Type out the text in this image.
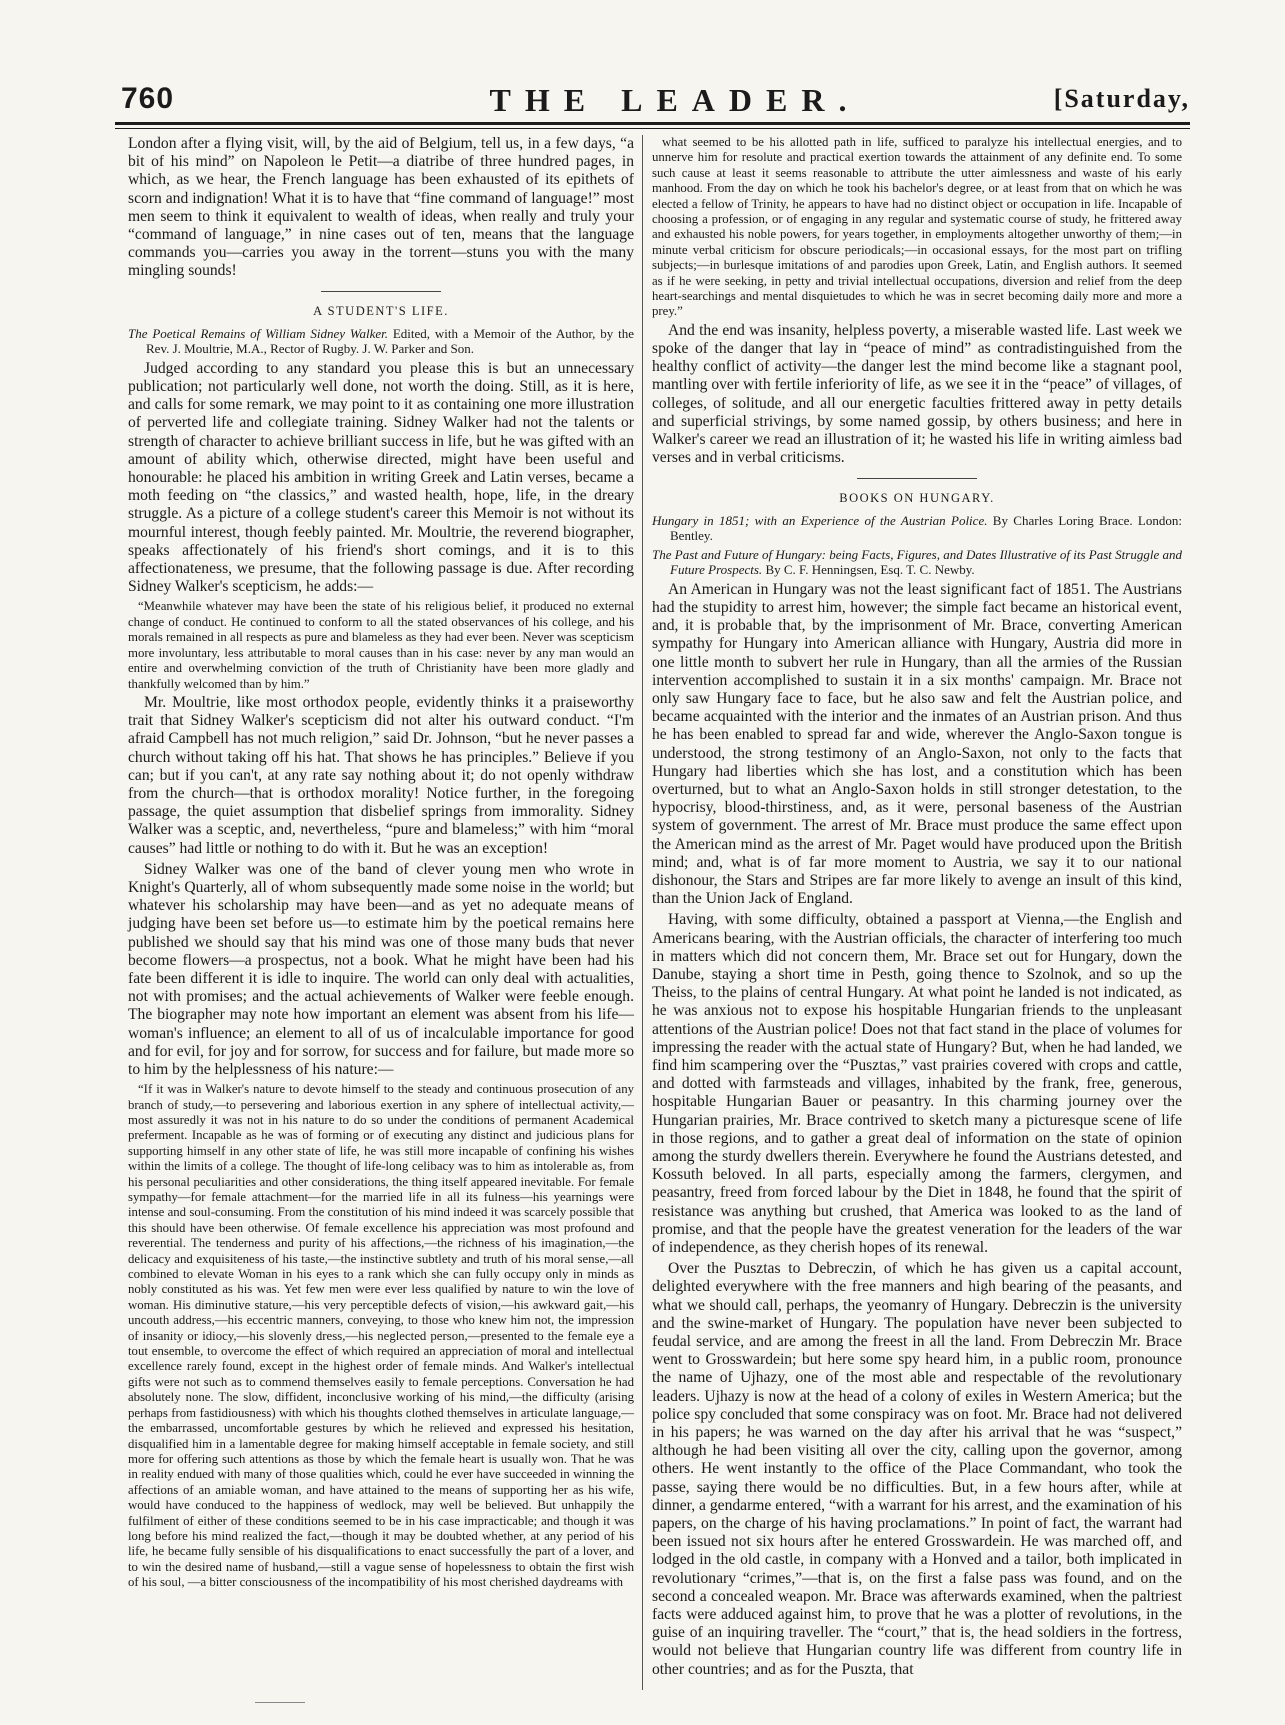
760	THE LEADER.	[Saturday,

London after a flying visit, will, by the aid of Belgium, tell us, in a few days, “a bit of his mind” on Napoleon le Petit—a diatribe of three hundred pages, in which, as we hear, the French language has been exhausted of its epithets of scorn and indignation! What it is to have that “fine command of language!” most men seem to think it equivalent to wealth of ideas, when really and truly your “command of language,” in nine cases out of ten, means that the language commands you—carries you away in the torrent—stuns you with the many mingling sounds!

A STUDENT'S LIFE.
The Poetical Remains of William Sidney Walker. Edited, with a Memoir of the Author, by the Rev. J. Moultrie, M.A., Rector of Rugby. J. W. Parker and Son.

Judged according to any standard you please this is but an unnecessary publication; not particularly well done, not worth the doing. Still, as it is here, and calls for some remark, we may point to it as containing one more illustration of perverted life and collegiate training. Sidney Walker had not the talents or strength of character to achieve brilliant success in life, but he was gifted with an amount of ability which, otherwise directed, might have been useful and honourable: he placed his ambition in writing Greek and Latin verses, became a moth feeding on “the classics,” and wasted health, hope, life, in the dreary struggle. As a picture of a college student's career this Memoir is not without its mournful interest, though feebly painted. Mr. Moultrie, the reverend biographer, speaks affectionately of his friend's short comings, and it is to this affectionateness, we presume, that the following passage is due. After recording Sidney Walker's scepticism, he adds:—

“Meanwhile whatever may have been the state of his religious belief, it produced no external change of conduct. He continued to conform to all the stated observances of his college, and his morals remained in all respects as pure and blameless as they had ever been. Never was scepticism more involuntary, less attributable to moral causes than in his case: never by any man would an entire and overwhelming conviction of the truth of Christianity have been more gladly and thankfully welcomed than by him.”

Mr. Moultrie, like most orthodox people, evidently thinks it a praiseworthy trait that Sidney Walker's scepticism did not alter his outward conduct. “I'm afraid Campbell has not much religion,” said Dr. Johnson, “but he never passes a church without taking off his hat. That shows he has principles.” Believe if you can; but if you can't, at any rate say nothing about it; do not openly withdraw from the church—that is orthodox morality! Notice further, in the foregoing passage, the quiet assumption that disbelief springs from immorality. Sidney Walker was a sceptic, and, nevertheless, “pure and blameless;” with him “moral causes” had little or nothing to do with it. But he was an exception!

Sidney Walker was one of the band of clever young men who wrote in Knight's Quarterly, all of whom subsequently made some noise in the world; but whatever his scholarship may have been—and as yet no adequate means of judging have been set before us—to estimate him by the poetical remains here published we should say that his mind was one of those many buds that never become flowers—a prospectus, not a book. What he might have been had his fate been different it is idle to inquire. The world can only deal with actualities, not with promises; and the actual achievements of Walker were feeble enough. The biographer may note how important an element was absent from his life—woman's influence; an element to all of us of incalculable importance for good and for evil, for joy and for sorrow, for success and for failure, but made more so to him by the helplessness of his nature:—

“If it was in Walker's nature to devote himself to the steady and continuous prosecution of any branch of study,—to persevering and laborious exertion in any sphere of intellectual activity,—most assuredly it was not in his nature to do so under the conditions of permanent Academical preferment. Incapable as he was of forming or of executing any distinct and judicious plans for supporting himself in any other state of life, he was still more incapable of confining his wishes within the limits of a college. The thought of life-long celibacy was to him as intolerable as, from his personal peculiarities and other considerations, the thing itself appeared inevitable. For female sympathy—for female attachment—for the married life in all its fulness—his yearnings were intense and soul-consuming. From the constitution of his mind indeed it was scarcely possible that this should have been otherwise. Of female excellence his appreciation was most profound and reverential. The tenderness and purity of his affections,—the richness of his imagination,—the delicacy and exquisiteness of his taste,—the instinctive subtlety and truth of his moral sense,—all combined to elevate Woman in his eyes to a rank which she can fully occupy only in minds as nobly constituted as his was. Yet few men were ever less qualified by nature to win the love of woman. His diminutive stature,—his very perceptible defects of vision,—his awkward gait,—his uncouth address,—his eccentric manners, conveying, to those who knew him not, the impression of insanity or idiocy,—his slovenly dress,—his neglected person,—presented to the female eye a tout ensemble, to overcome the effect of which required an appreciation of moral and intellectual excellence rarely found, except in the highest order of female minds. And Walker's intellectual gifts were not such as to commend themselves easily to female perceptions. Conversation he had absolutely none. The slow, diffident, inconclusive working of his mind,—the difficulty (arising perhaps from fastidiousness) with which his thoughts clothed themselves in articulate language,—the embarrassed, uncomfortable gestures by which he relieved and expressed his hesitation, disqualified him in a lamentable degree for making himself acceptable in female society, and still more for offering such attentions as those by which the female heart is usually won. That he was in reality endued with many of those qualities which, could he ever have succeeded in winning the affections of an amiable woman, and have attained to the means of supporting her as his wife, would have conduced to the happiness of wedlock, may well be believed. But unhappily the fulfilment of either of these conditions seemed to be in his case impracticable; and though it was long before his mind realized the fact,—though it may be doubted whether, at any period of his life, he became fully sensible of his disqualifications to enact successfully the part of a lover, and to win the desired name of husband,—still a vague sense of hopelessness to obtain the first wish of his soul, —a bitter consciousness of the incompatibility of his most cherished daydreams with

what seemed to be his allotted path in life, sufficed to paralyze his intellectual energies, and to unnerve him for resolute and practical exertion towards the attainment of any definite end. To some such cause at least it seems reasonable to attribute the utter aimlessness and waste of his early manhood. From the day on which he took his bachelor's degree, or at least from that on which he was elected a fellow of Trinity, he appears to have had no distinct object or occupation in life. Incapable of choosing a profession, or of engaging in any regular and systematic course of study, he frittered away and exhausted his noble powers, for years together, in employments altogether unworthy of them;—in minute verbal criticism for obscure periodicals;—in occasional essays, for the most part on trifling subjects;—in burlesque imitations of and parodies upon Greek, Latin, and English authors. It seemed as if he were seeking, in petty and trivial intellectual occupations, diversion and relief from the deep heart-searchings and mental disquietudes to which he was in secret becoming daily more and more a prey.”

And the end was insanity, helpless poverty, a miserable wasted life. Last week we spoke of the danger that lay in “peace of mind” as contradistinguished from the healthy conflict of activity—the danger lest the mind become like a stagnant pool, mantling over with fertile inferiority of life, as we see it in the “peace” of villages, of colleges, of solitude, and all our energetic faculties frittered away in petty details and superficial strivings, by some named gossip, by others business; and here in Walker's career we read an illustration of it; he wasted his life in writing aimless bad verses and in verbal criticisms.

BOOKS ON HUNGARY.
Hungary in 1851; with an Experience of the Austrian Police. By Charles Loring Brace. London: Bentley.
The Past and Future of Hungary: being Facts, Figures, and Dates Illustrative of its Past Struggle and Future Prospects. By C. F. Henningsen, Esq. T. C. Newby.

An American in Hungary was not the least significant fact of 1851. The Austrians had the stupidity to arrest him, however; the simple fact became an historical event, and, it is probable that, by the imprisonment of Mr. Brace, converting American sympathy for Hungary into American alliance with Hungary, Austria did more in one little month to subvert her rule in Hungary, than all the armies of the Russian intervention accomplished to sustain it in a six months' campaign. Mr. Brace not only saw Hungary face to face, but he also saw and felt the Austrian police, and became acquainted with the interior and the inmates of an Austrian prison. And thus he has been enabled to spread far and wide, wherever the Anglo-Saxon tongue is understood, the strong testimony of an Anglo-Saxon, not only to the facts that Hungary had liberties which she has lost, and a constitution which has been overturned, but to what an Anglo-Saxon holds in still stronger detestation, to the hypocrisy, blood-thirstiness, and, as it were, personal baseness of the Austrian system of government. The arrest of Mr. Brace must produce the same effect upon the American mind as the arrest of Mr. Paget would have produced upon the British mind; and, what is of far more moment to Austria, we say it to our national dishonour, the Stars and Stripes are far more likely to avenge an insult of this kind, than the Union Jack of England.

Having, with some difficulty, obtained a passport at Vienna,—the English and Americans bearing, with the Austrian officials, the character of interfering too much in matters which did not concern them, Mr. Brace set out for Hungary, down the Danube, staying a short time in Pesth, going thence to Szolnok, and so up the Theiss, to the plains of central Hungary. At what point he landed is not indicated, as he was anxious not to expose his hospitable Hungarian friends to the unpleasant attentions of the Austrian police! Does not that fact stand in the place of volumes for impressing the reader with the actual state of Hungary? But, when he had landed, we find him scampering over the “Pusztas,” vast prairies covered with crops and cattle, and dotted with farmsteads and villages, inhabited by the frank, free, generous, hospitable Hungarian Bauer or peasantry. In this charming journey over the Hungarian prairies, Mr. Brace contrived to sketch many a picturesque scene of life in those regions, and to gather a great deal of information on the state of opinion among the sturdy dwellers therein. Everywhere he found the Austrians detested, and Kossuth beloved. In all parts, especially among the farmers, clergymen, and peasantry, freed from forced labour by the Diet in 1848, he found that the spirit of resistance was anything but crushed, that America was looked to as the land of promise, and that the people have the greatest veneration for the leaders of the war of independence, as they cherish hopes of its renewal.

Over the Pusztas to Debreczin, of which he has given us a capital account, delighted everywhere with the free manners and high bearing of the peasants, and what we should call, perhaps, the yeomanry of Hungary. Debreczin is the university and the swine-market of Hungary. The population have never been subjected to feudal service, and are among the freest in all the land. From Debreczin Mr. Brace went to Grosswardein; but here some spy heard him, in a public room, pronounce the name of Ujhazy, one of the most able and respectable of the revolutionary leaders. Ujhazy is now at the head of a colony of exiles in Western America; but the police spy concluded that some conspiracy was on foot. Mr. Brace had not delivered in his papers; he was warned on the day after his arrival that he was “suspect,” although he had been visiting all over the city, calling upon the governor, among others. He went instantly to the office of the Place Commandant, who took the passe, saying there would be no difficulties. But, in a few hours after, while at dinner, a gendarme entered, “with a warrant for his arrest, and the examination of his papers, on the charge of his having proclamations.” In point of fact, the warrant had been issued not six hours after he entered Grosswardein. He was marched off, and lodged in the old castle, in company with a Honved and a tailor, both implicated in revolutionary “crimes,”—that is, on the first a false pass was found, and on the second a concealed weapon. Mr. Brace was afterwards examined, when the paltriest facts were adduced against him, to prove that he was a plotter of revolutions, in the guise of an inquiring traveller. The “court,” that is, the head soldiers in the fortress, would not believe that Hungarian country life was different from country life in other countries; and as for the Puszta, that
